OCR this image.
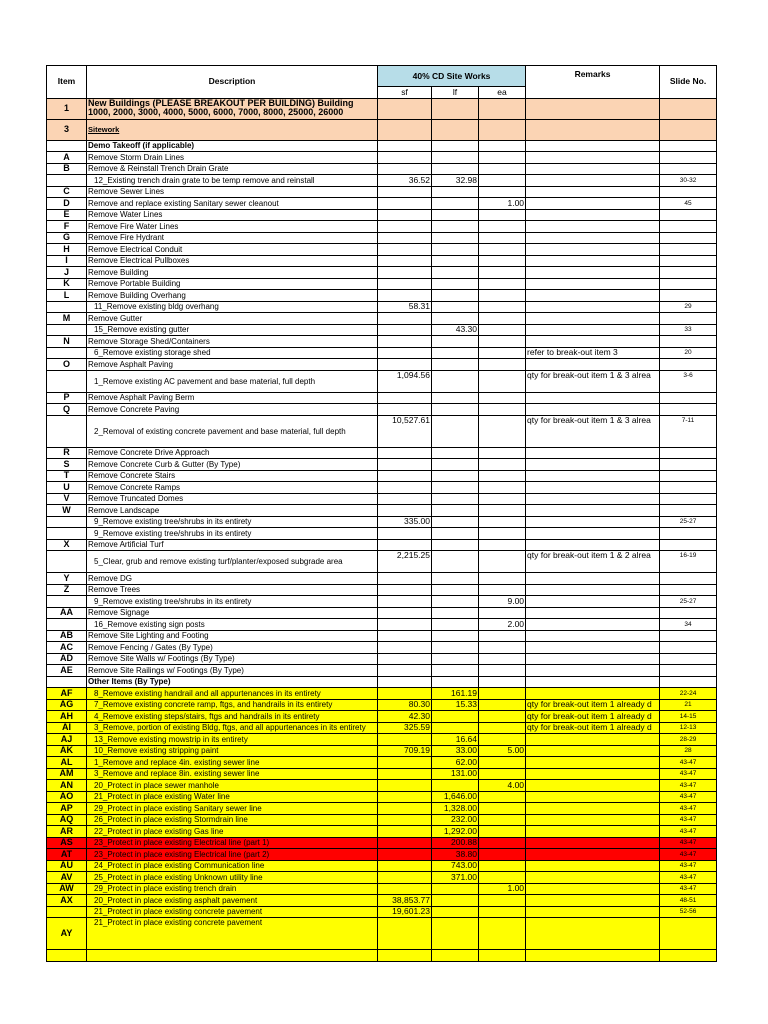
Item	Description	40% CD Site Works			Remarks	Slide No.
		sf	lf	ea		
1	New Buildings (PLEASE BREAKOUT PER BUILDING) Building 1000, 2000, 3000, 4000, 5000, 6000, 7000, 8000, 25000, 26000					
3	Sitework					
	Demo Takeoff (if applicable)					
A	Remove Storm Drain Lines					
B	Remove & Reinstall Trench Drain Grate					
	12_Existing trench drain grate to be temp remove and reinstall	36.52	32.98			30-32
C	Remove Sewer Lines					
D	Remove and replace existing Sanitary sewer cleanout			1.00		45
E	Remove Water Lines					
F	Remove Fire Water Lines					
G	Remove Fire Hydrant					
H	Remove Electrical Conduit					
I	Remove Electrical Pullboxes					
J	Remove Building					
K	Remove Portable Building					
L	Remove Building Overhang					
	11_Remove existing bldg overhang	58.31				29
M	Remove Gutter					
	15_Remove existing gutter		43.30			33
N	Remove Storage Shed/Containers					
	6_Remove existing storage shed				refer to break-out item 3	20
O	Remove Asphalt Paving					
	1_Remove existing AC pavement and base material, full depth	1,094.56			qty for break-out item 1 & 3 alrea	3-6
P	Remove Asphalt Paving Berm					
Q	Remove Concrete Paving					
	2_Removal of existing concrete pavement and base material, full depth	10,527.61			qty for break-out item 1 & 3 alrea	7-11
R	Remove Concrete Drive Approach					
S	Remove Concrete Curb & Gutter (By Type)					
T	Remove Concrete Stairs					
U	Remove Concrete Ramps					
V	Remove Truncated Domes					
W	Remove Landscape					
	9_Remove existing tree/shrubs in its entirety	335.00				25-27
	9_Remove existing tree/shrubs in its entirety					
X	Remove Artificial Turf					
	5_Clear, grub and remove existing turf/planter/exposed subgrade area	2,215.25			qty for break-out item 1 & 2 alrea	16-19
Y	Remove DG					
Z	Remove Trees					
	9_Remove existing tree/shrubs in its entirety			9.00		25-27
AA	Remove Signage					
	16_Remove existing sign posts			2.00		34
AB	Remove Site Lighting and Footing					
AC	Remove Fencing / Gates (By Type)					
AD	Remove Site Walls w/ Footings (By Type)					
AE	Remove Site Railings w/ Footings (By Type)					
	Other Items (By Type)					
AF	8_Remove existing handrail and all appurtenances in its entirety		161.19			22-24
AG	7_Remove existing concrete ramp, ftgs, and handrails in its entirety	80.30	15.33		qty for break-out item 1 already d	21
AH	4_Remove existing steps/stairs, ftgs and handrails in its entirety	42.30			qty for break-out item 1 already d	14-15
AI	3_Remove, portion of existing Bldg, ftgs, and all appurtenances in its entirety	325.59			qty for break-out item 1 already d	12-13
AJ	13_Remove existing mowstrip in its entirety		16.64			28-29
AK	10_Remove existing stripping paint	709.19	33.00	5.00		28
AL	1_Remove and replace 4in. existing sewer line		62.00			43-47
AM	3_Remove and replace 8in. existing sewer line		131.00			43-47
AN	20_Protect in place sewer manhole			4.00		43-47
AO	21_Protect in place existing Water line		1,646.00			43-47
AP	29_Protect in place existing Sanitary sewer line		1,328.00			43-47
AQ	26_Protect in place existing Stormdrain line		232.00			43-47
AR	22_Protect in place existing Gas line		1,292.00			43-47
AS	23_Protect in place existing Electrical line (part 1)		200.88			43-47
AT	23_Protect in place existing Electrical line (part 2)		38.80			43-47
AU	24_Protect in place existing Communication line		743.00			43-47
AV	25_Protect in place existing Unknown utility line		371.00			43-47
AW	29_Protect in place existing trench drain			1.00		43-47
AX	20_Protect in place existing asphalt pavement	38,853.77				48-51
	21_Protect in place existing concrete pavement	19,601.23				52-56
AY	21_Protect in place existing concrete pavement					
